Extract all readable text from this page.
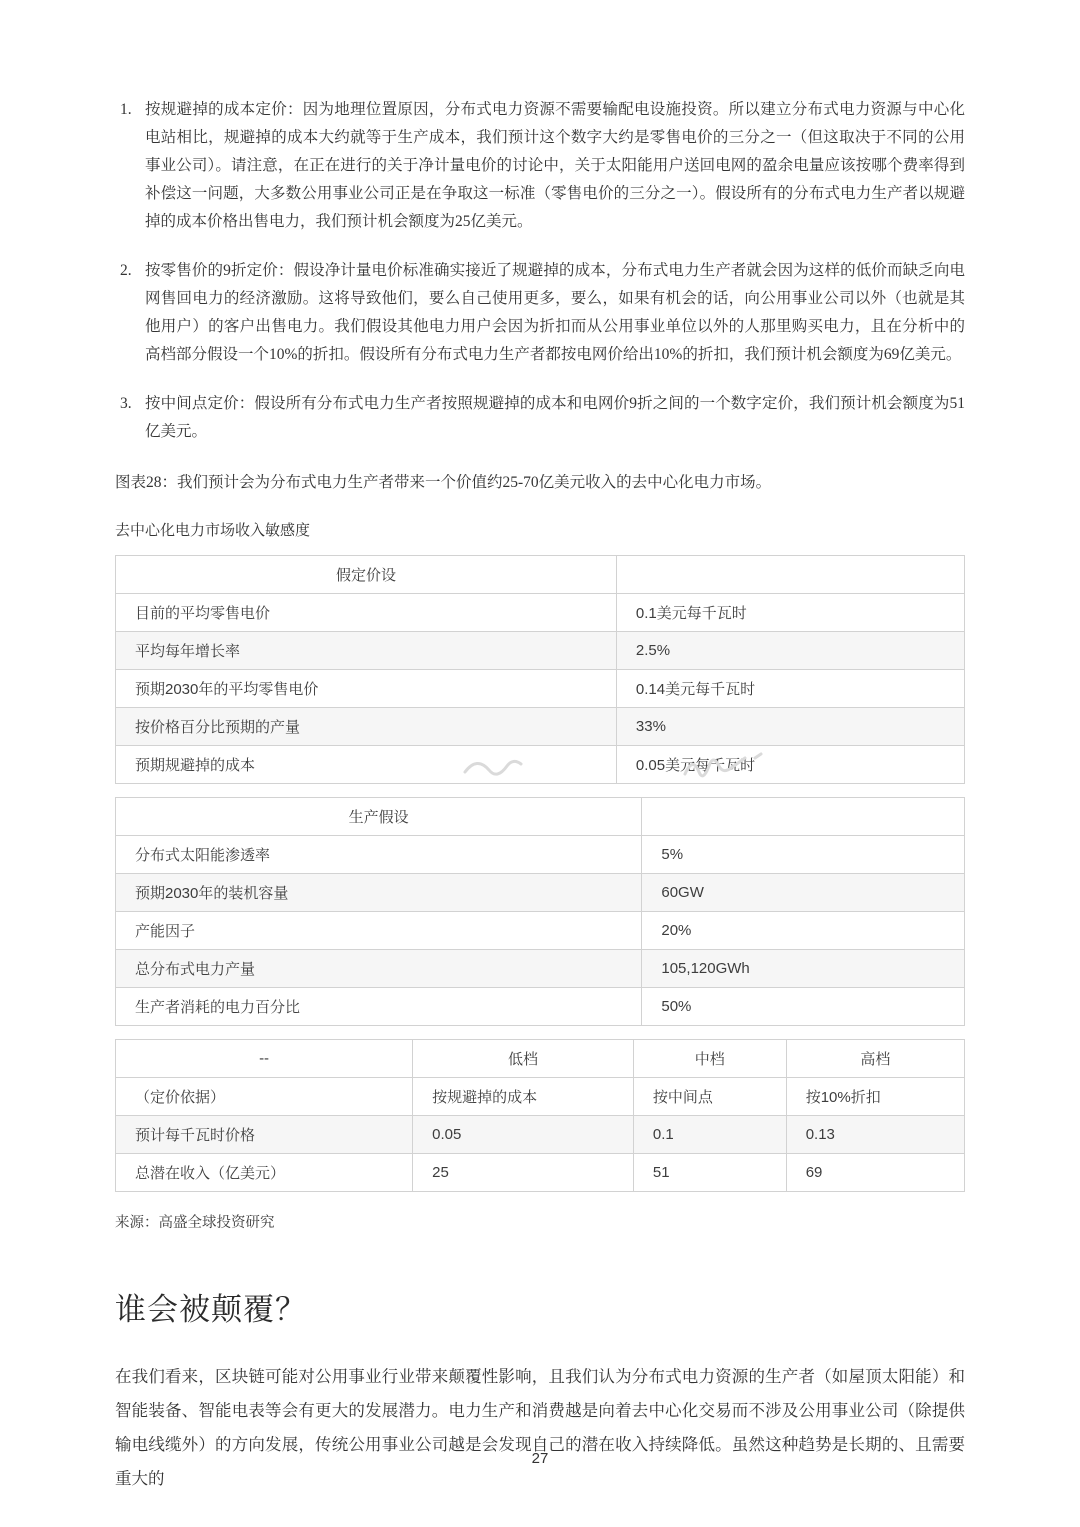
1. 按规避掉的成本定价：因为地理位置原因，分布式电力资源不需要输配电设施投资。所以建立分布式电力资源与中心化电站相比，规避掉的成本大约就等于生产成本，我们预计这个数字大约是零售电价的三分之一（但这取决于不同的公用事业公司）。请注意，在正在进行的关于净计量电价的讨论中，关于太阳能用户送回电网的盈余电量应该按哪个费率得到补偿这一问题，大多数公用事业公司正是在争取这一标准（零售电价的三分之一）。假设所有的分布式电力生产者以规避掉的成本价格出售电力，我们预计机会额度为25亿美元。
2. 按零售价的9折定价：假设净计量电价标准确实接近了规避掉的成本，分布式电力生产者就会因为这样的低价而缺乏向电网售回电力的经济激励。这将导致他们，要么自己使用更多，要么，如果有机会的话，向公用事业公司以外（也就是其他用户）的客户出售电力。我们假设其他电力用户会因为折扣而从公用事业单位以外的人那里购买电力，且在分析中的高档部分假设一个10%的折扣。假设所有分布式电力生产者都按电网价给出10%的折扣，我们预计机会额度为69亿美元。
3. 按中间点定价：假设所有分布式电力生产者按照规避掉的成本和电网价9折之间的一个数字定价，我们预计机会额度为51亿美元。

图表28：我们预计会为分布式电力生产者带来一个价值约25-70亿美元收入的去中心化电力市场。

去中心化电力市场收入敏感度

假定价设	
目前的平均零售电价	0.1美元每千瓦时
平均每年增长率	2.5%
预期2030年的平均零售电价	0.14美元每千瓦时
按价格百分比预期的产量	33%
预期规避掉的成本	0.05美元每千瓦时
生产假设	
分布式太阳能渗透率	5%
预期2030年的装机容量	60GW
产能因子	20%
总分布式电力产量	105,120GWh
生产者消耗的电力百分比	50%
--	低档	中档	高档
（定价依据）	按规避掉的成本	按中间点	按10%折扣
预计每千瓦时价格	0.05	0.1	0.13
总潜在收入（亿美元）	25	51	69

来源：高盛全球投资研究

谁会被颠覆？

在我们看来，区块链可能对公用事业行业带来颠覆性影响，且我们认为分布式电力资源的生产者（如屋顶太阳能）和智能装备、智能电表等会有更大的发展潜力。电力生产和消费越是向着去中心化交易而不涉及公用事业公司（除提供输电线缆外）的方向发展，传统公用事业公司越是会发现自己的潜在收入持续降低。虽然这种趋势是长期的、且需要重大的

27
